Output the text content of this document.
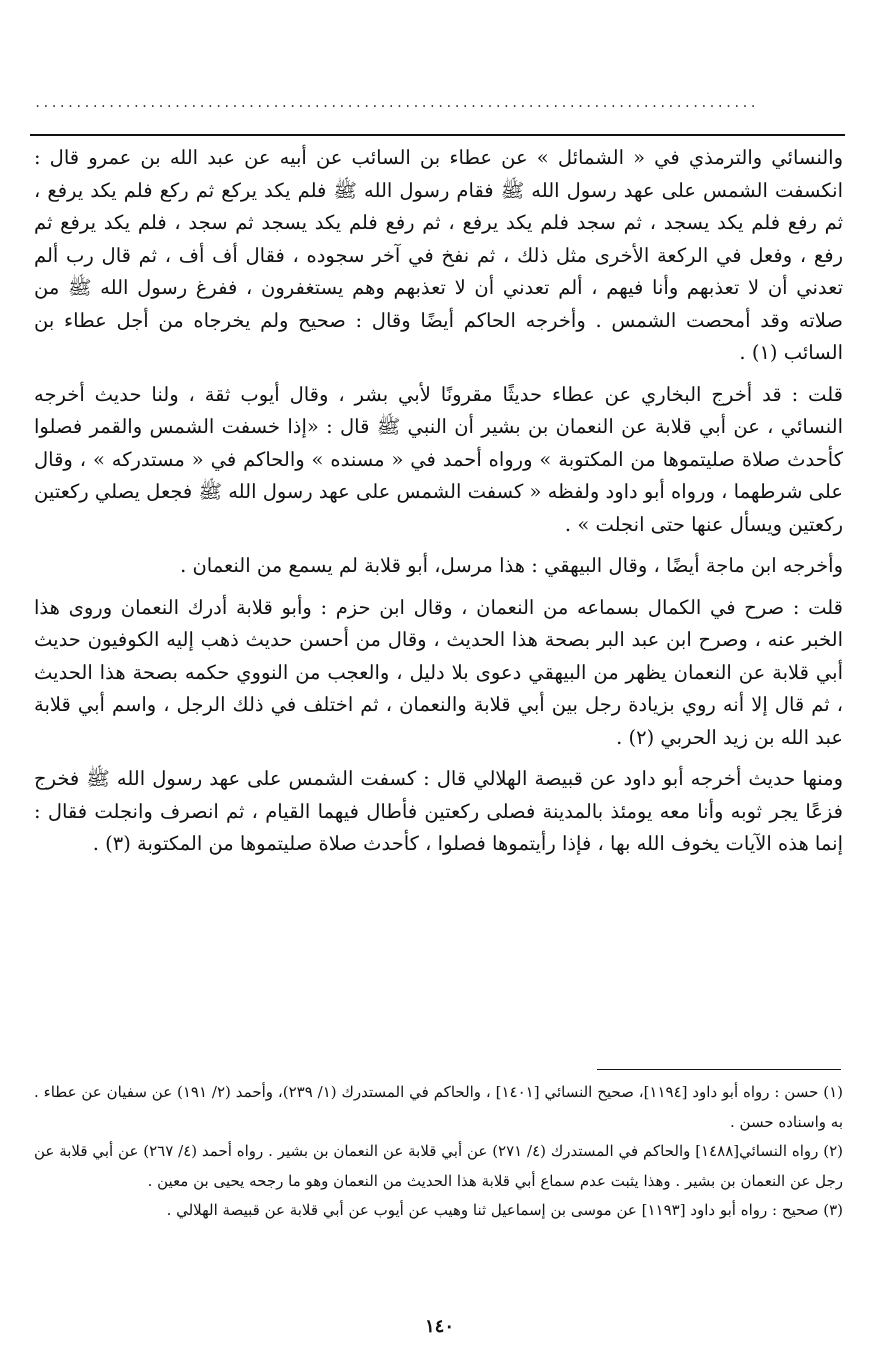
........................................................................................

والنسائي والترمذي في « الشمائل » عن عطاء بن السائب عن أبيه عن عبد الله بن عمرو قال : انكسفت الشمس على عهد رسول الله ﷺ فقام رسول الله ﷺ فلم يكد يركع ثم ركع فلم يكد يرفع ، ثم رفع فلم يكد يسجد ، ثم سجد فلم يكد يرفع ، ثم رفع فلم يكد يسجد ثم سجد ، فلم يكد يرفع ثم رفع ، وفعل في الركعة الأخرى مثل ذلك ، ثم نفخ في آخر سجوده ، فقال أف أف ، ثم قال رب ألم تعدني أن لا تعذبهم وأنا فيهم ، ألم تعدني أن لا تعذبهم وهم يستغفرون ، ففرغ رسول الله ﷺ من صلاته وقد أمحصت الشمس . وأخرجه الحاكم أيضًا وقال : صحيح ولم يخرجاه من أجل عطاء بن السائب (١) .

قلت : قد أخرج البخاري عن عطاء حديثًا مقرونًا لأبي بشر ، وقال أيوب ثقة ، ولنا حديث أخرجه النسائي ، عن أبي قلابة عن النعمان بن بشير أن النبي ﷺ قال : «إذا خسفت الشمس والقمر فصلوا كأحدث صلاة صليتموها من المكتوبة » ورواه أحمد في « مسنده » والحاكم في « مستدركه » ، وقال على شرطهما ، ورواه أبو داود ولفظه « كسفت الشمس على عهد رسول الله ﷺ فجعل يصلي ركعتين ركعتين ويسأل عنها حتى انجلت » .

وأخرجه ابن ماجة أيضًا ، وقال البيهقي : هذا مرسل، أبو قلابة لم يسمع من النعمان .

قلت : صرح في الكمال بسماعه من النعمان ، وقال ابن حزم : وأبو قلابة أدرك النعمان وروى هذا الخبر عنه ، وصرح ابن عبد البر بصحة هذا الحديث ، وقال من أحسن حديث ذهب إليه الكوفيون حديث أبي قلابة عن النعمان يظهر من البيهقي دعوى بلا دليل ، والعجب من النووي حكمه بصحة هذا الحديث ، ثم قال إلا أنه روي بزيادة رجل بين أبي قلابة والنعمان ، ثم اختلف في ذلك الرجل ، واسم أبي قلابة عبد الله بن زيد الحربي (٢) .

ومنها حديث أخرجه أبو داود عن قبيصة الهلالي قال : كسفت الشمس على عهد رسول الله ﷺ فخرج فزعًا يجر ثوبه وأنا معه يومئذ بالمدينة فصلى ركعتين فأطال فيهما القيام ، ثم انصرف وانجلت فقال : إنما هذه الآيات يخوف الله بها ، فإذا رأيتموها فصلوا ، كأحدث صلاة صليتموها من المكتوبة (٣) .

(١) حسن : رواه أبو داود [١١٩٤]، صحيح النسائي [١٤٠١] ، والحاكم في المستدرك (١/ ٢٣٩)، وأحمد (٢/ ١٩١) عن سفيان عن عطاء . به واسناده حسن .

(٢) رواه النسائي[١٤٨٨] والحاكم في المستدرك (٤/ ٢٧١) عن أبي قلابة عن النعمان بن بشير . رواه أحمد (٤/ ٢٦٧) عن أبي قلابة عن رجل عن النعمان بن بشير . وهذا يثبت عدم سماع أبي قلابة هذا الحديث من النعمان وهو ما رجحه يحيى بن معين .

(٣) صحيح : رواه أبو داود [١١٩٣] عن موسى بن إسماعيل ثنا وهيب عن أيوب عن أبي قلابة عن قبيصة الهلالي .

١٤٠
